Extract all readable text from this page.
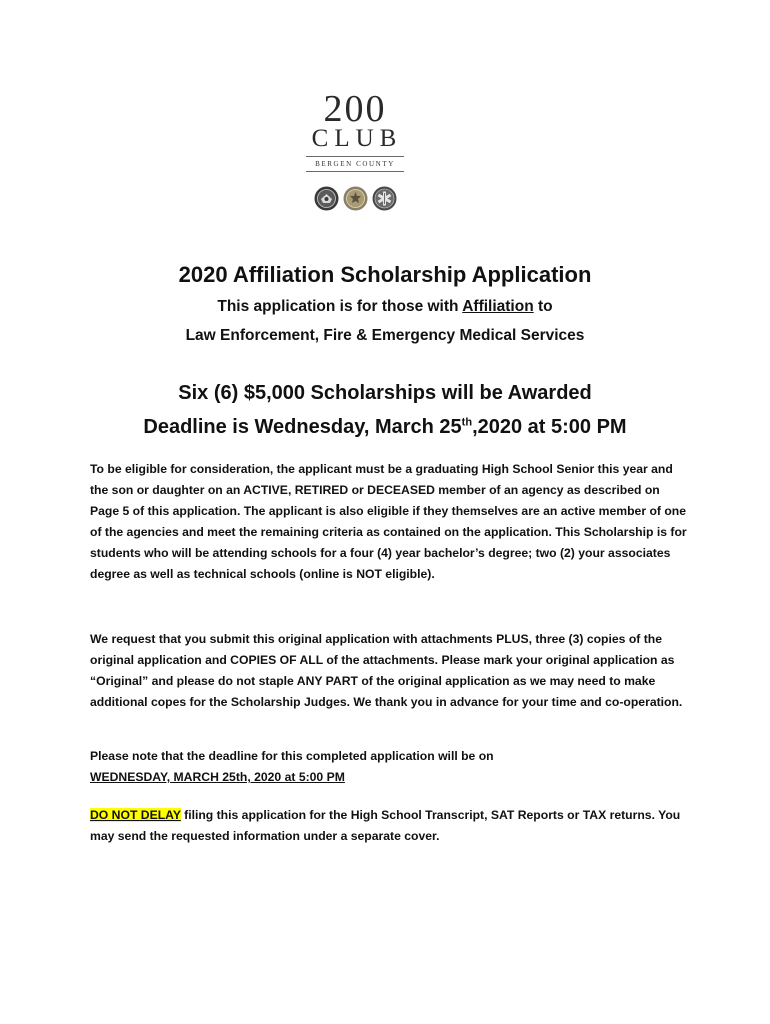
200
CLUB
BERGEN COUNTY
2020 Affiliation Scholarship Application

This application is for those with Affiliation to

Law Enforcement, Fire & Emergency Medical Services

Six (6) $5,000 Scholarships will be Awarded

Deadline is Wednesday, March 25th,2020 at 5:00 PM

To be eligible for consideration, the applicant must be a graduating High School Senior this year and the son or daughter on an ACTIVE, RETIRED or DECEASED member of an agency as described on Page 5 of this application. The applicant is also eligible if they themselves are an active member of one of the agencies and meet the remaining criteria as contained on the application. This Scholarship is for students who will be attending schools for a four (4) year bachelor’s degree; two (2) your associates degree as well as technical schools (online is NOT eligible).

We request that you submit this original application with attachments PLUS, three (3) copies of the original application and COPIES OF ALL of the attachments. Please mark your original application as “Original” and please do not staple ANY PART of the original application as we may need to make additional copes for the Scholarship Judges. We thank you in advance for your time and co-operation.

Please note that the deadline for this completed application will be on
WEDNESDAY, MARCH 25th, 2020 at 5:00 PM

DO NOT DELAY filing this application for the High School Transcript, SAT Reports or TAX returns. You may send the requested information under a separate cover.
